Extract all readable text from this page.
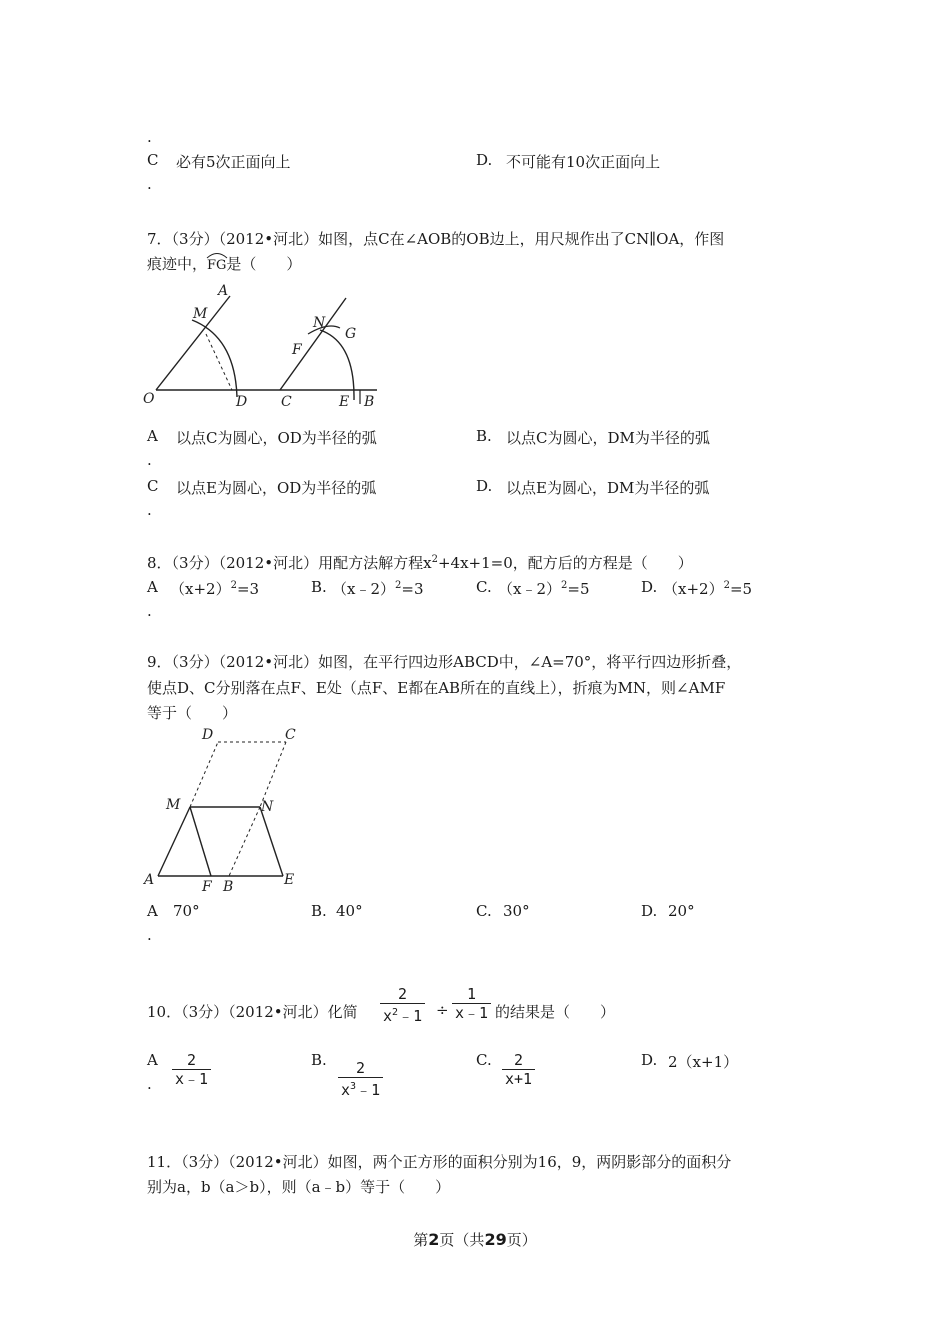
.
C 必有5次正面向上	D. 不可能有10次正面向上
.
7．（3分）（2012•河北）如图，点C在∠AOB的OB边上，用尺规作出了CN∥OA，作图
痕迹中，
FG是（　　）
A
M
O	D C
F
N
G
E B
A 以点C为圆心，OD为半径的弧	B. 以点C为圆心，DM为半径的弧
.
C 以点E为圆心，OD为半径的弧	D. 以点E为圆心，DM为半径的弧
.
8．（3分）（2012•河北）用配方法解方程$x^2+4x+1=0$，配方后的方程是（　　）
A $(x+2)^2=3$	B. （x﹣2）$^2$=3	C. （x﹣2）$^2$=5	D. $(x+2)^2=5$
.
9．（3分）（2012•河北）如图，在平行四边形ABCD中，∠A=70°，将平行四边形折叠，
使点D、C分别落在点F、E处（点F、E都在AB所在的直线上），折痕为MN，则∠AMF
等于（　　）
D	C
M	N
A	F B	E
A 70°	B. 40°	C. 30°	D. 20°
.
10．（3分）（2012•河北）化简
2
$x^2﹣1$ ÷
1
x﹣1 的结果是（　　）
A 2
x﹣1
.
B. 2
$x^3﹣1$
C. 2
x+1
D. 2（x+1）
11．（3分）（2012•河北）如图，两个正方形的面积分别为16，9，两阴影部分的面积分
别为a，b（a＞b），则（a﹣b）等于（　　）
第2页（共29页）
